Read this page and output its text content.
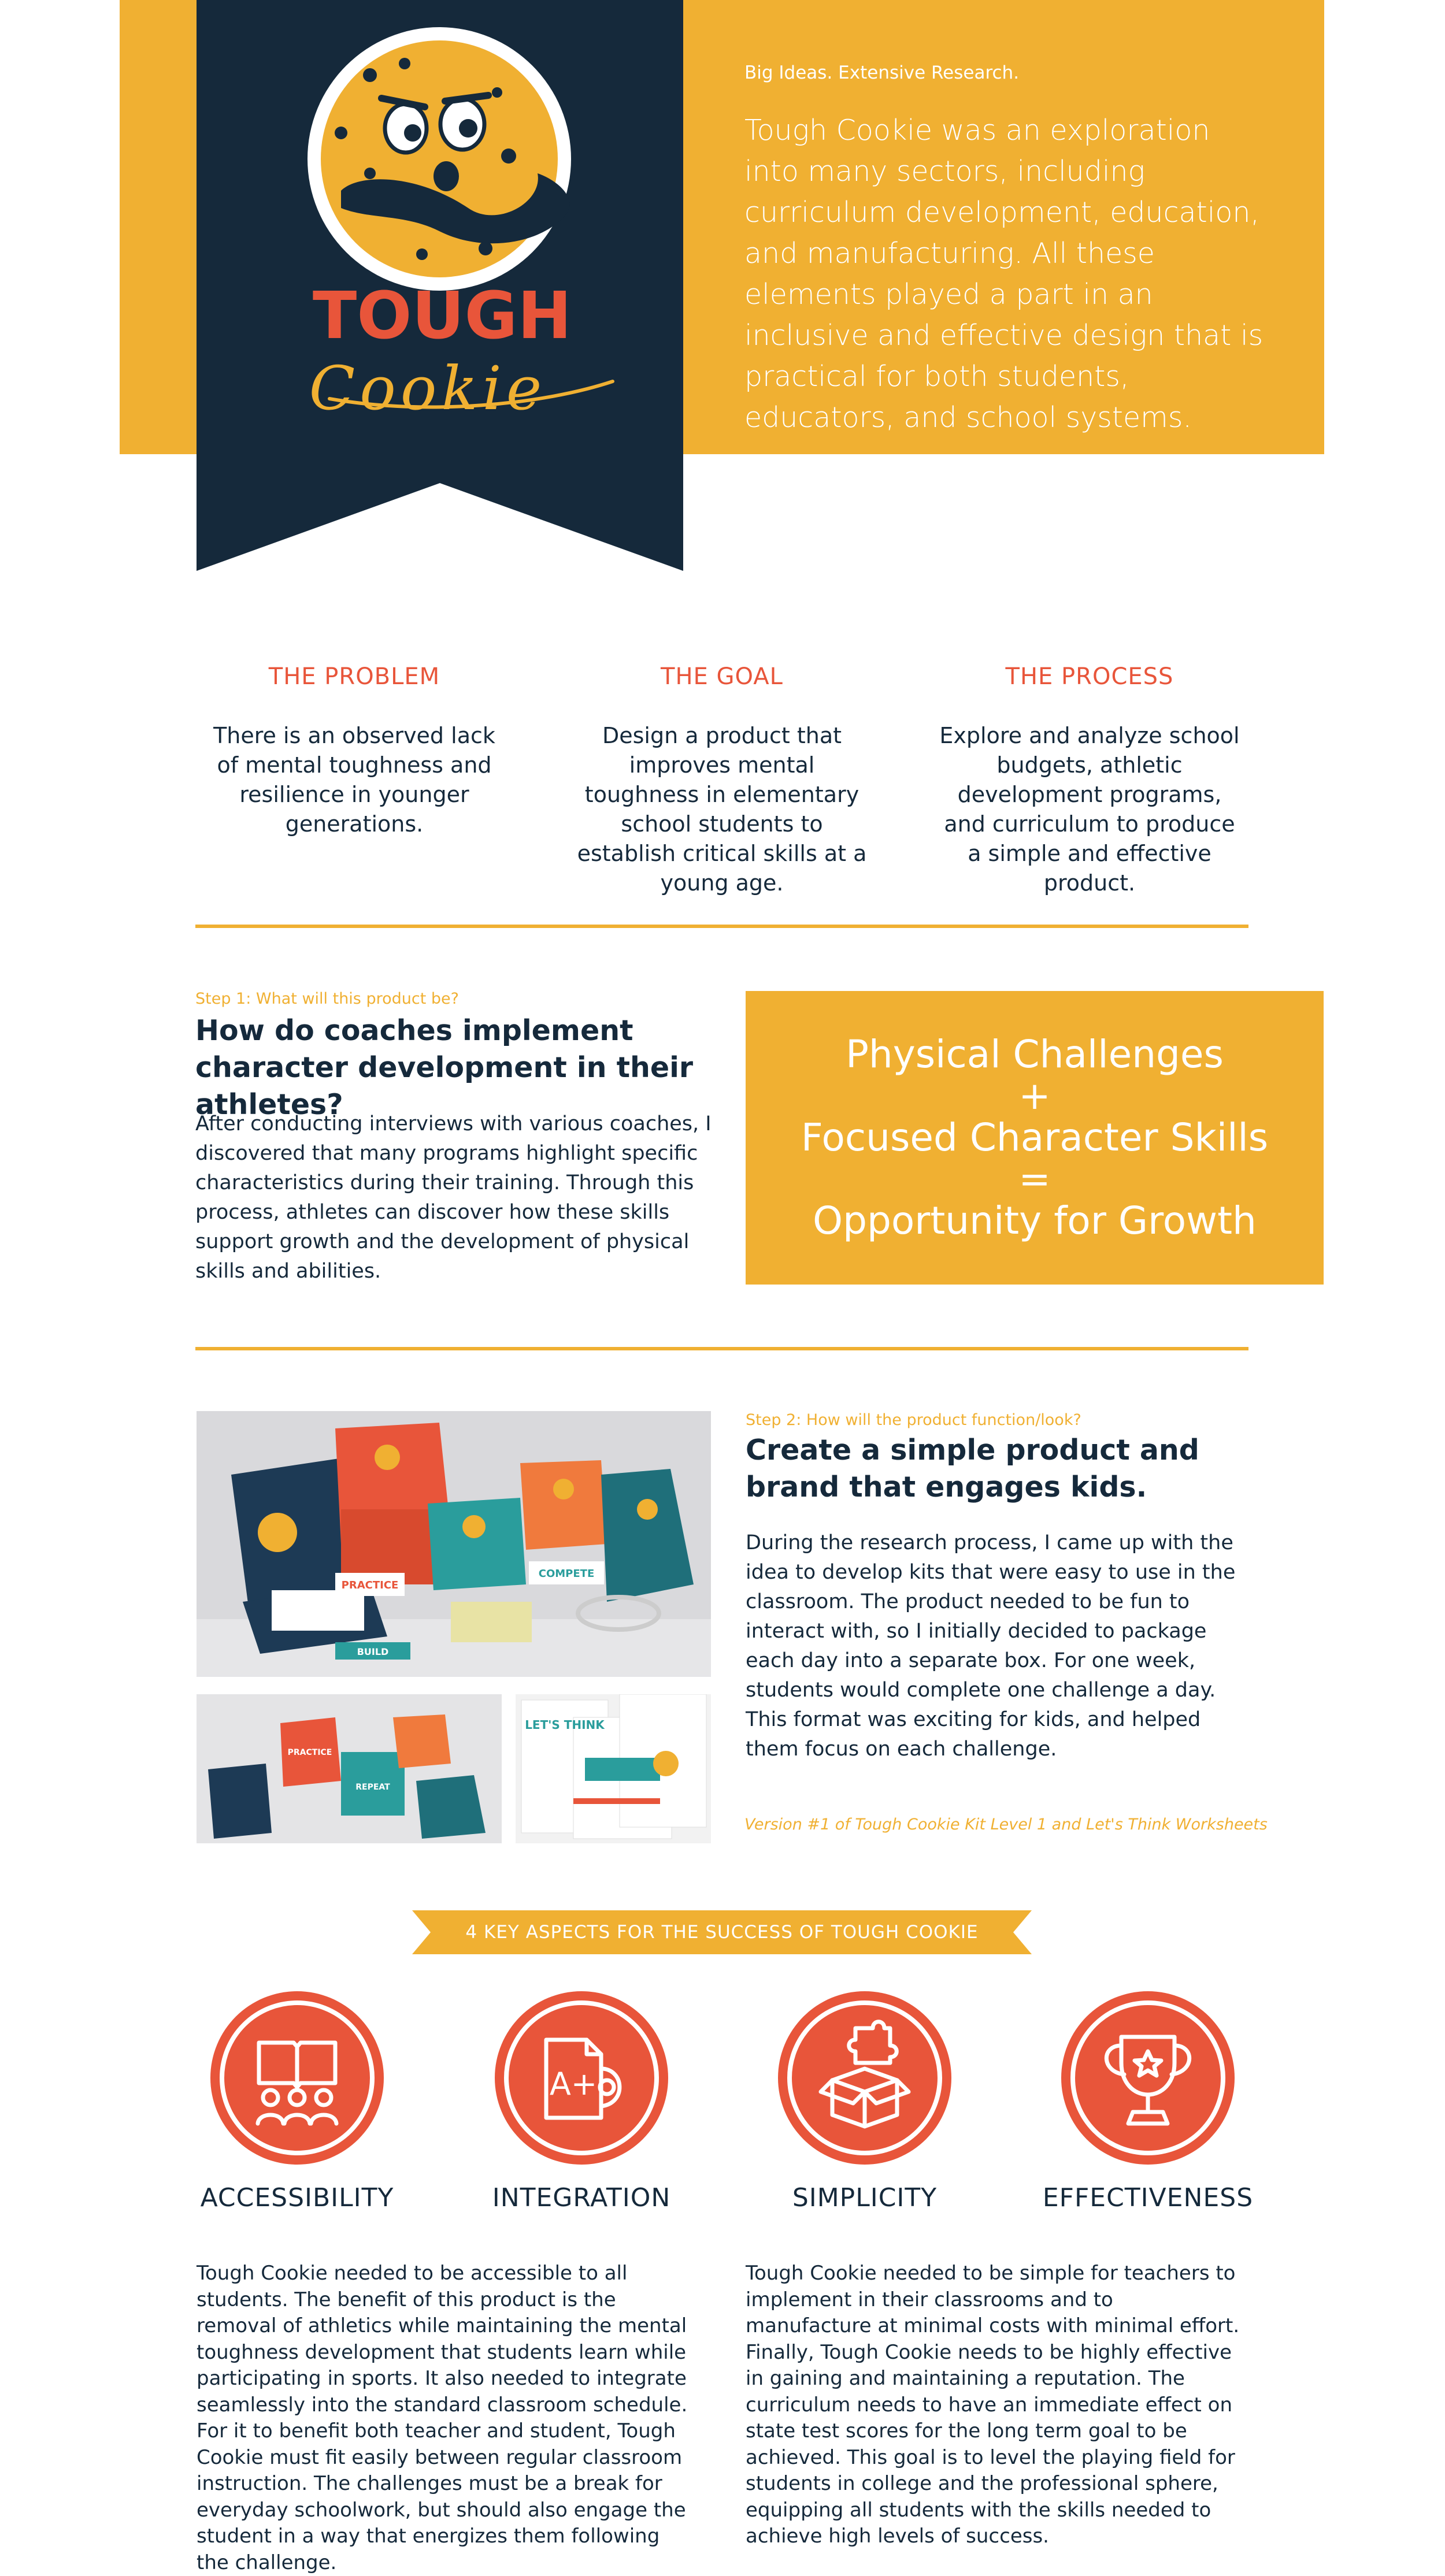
TOUGH
Cookie
Big Ideas. Extensive Research.
Tough Cookie was an exploration into many sectors, including curriculum development, education, and manufacturing. All these elements played a part in an inclusive and effective design that is practical for both students, educators, and school systems.
THE PROBLEM
There is an observed lack of mental toughness and resilience in younger generations.
THE GOAL
Design a product that improves mental toughness in elementary school students to establish critical skills at a young age.
THE PROCESS
Explore and analyze school budgets, athletic development programs, and curriculum to produce a simple and effective product.
Step 1: What will this product be?
How do coaches implement character development in their athletes?
After conducting interviews with various coaches, I discovered that many programs highlight specific characteristics during their training. Through this process, athletes can discover how these skills support growth and the development of physical skills and abilities.
Physical Challenges
+
Focused Character Skills
=
Opportunity for Growth
PRACTICE
COMPETE
BUILD
PRACTICE
REPEAT
LET'S THINK
Step 2: How will the product function/look?
Create a simple product and brand that engages kids.
During the research process, I came up with the idea to develop kits that were easy to use in the classroom. The product needed to be fun to interact with, so I initially decided to package each day into a separate box. For one week, students would complete one challenge a day. This format was exciting for kids, and helped them focus on each challenge.
Version #1 of Tough Cookie Kit Level 1 and Let's Think Worksheets
4 KEY ASPECTS FOR THE SUCCESS OF TOUGH COOKIE
ACCESSIBILITY
A+
INTEGRATION	SIMPLICITY	EFFECTIVENESS
Tough Cookie needed to be accessible to all students. The benefit of this product is the removal of athletics while maintaining the mental toughness development that students learn while participating in sports. It also needed to integrate seamlessly into the standard classroom schedule. For it to benefit both teacher and student, Tough Cookie must fit easily between regular classroom instruction. The challenges must be a break for everyday schoolwork, but should also engage the student in a way that energizes them following the challenge.
Tough Cookie needed to be simple for teachers to implement in their classrooms and to manufacture at minimal costs with minimal effort. Finally, Tough Cookie needs to be highly effective in gaining and maintaining a reputation. The curriculum needs to have an immediate effect on state test scores for the long term goal to be achieved. This goal is to level the playing field for students in college and the professional sphere, equipping all students with the skills needed to achieve high levels of success.
